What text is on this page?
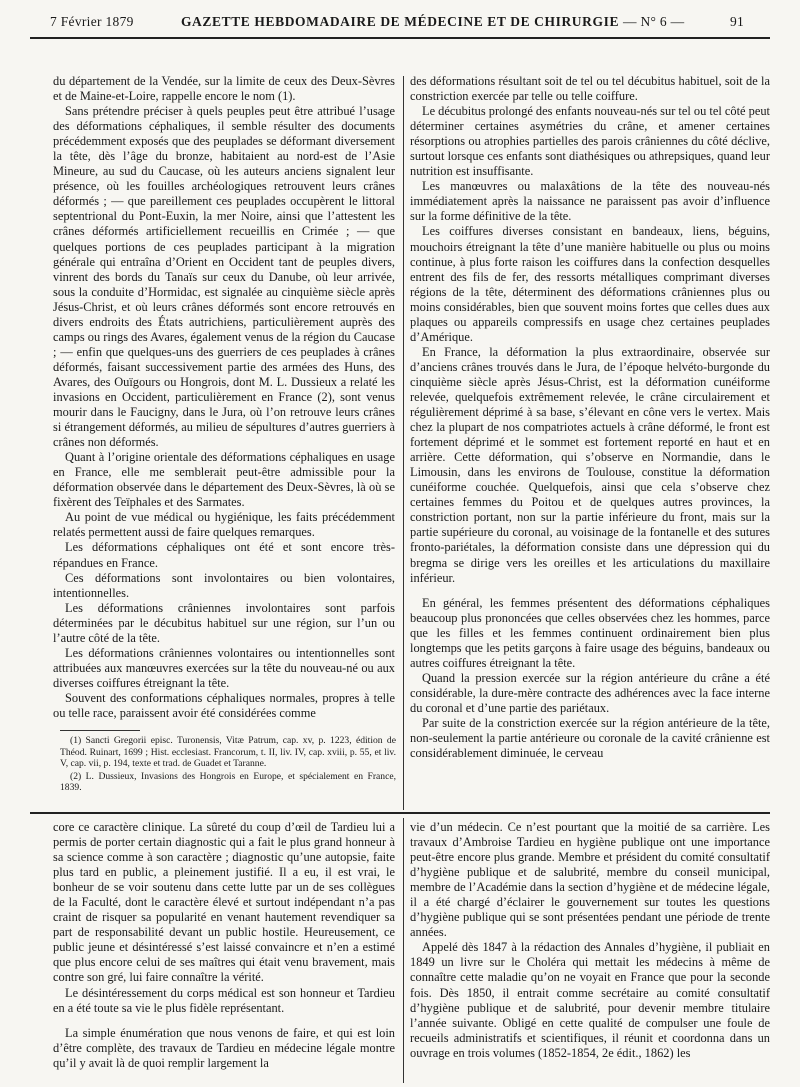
7 Février 1879	GAZETTE HEBDOMADAIRE DE MÉDECINE ET DE CHIRURGIE — N° 6 —	91

du département de la Vendée, sur la limite de ceux des Deux-Sèvres et de Maine-et-Loire, rappelle encore le nom (1).

Sans prétendre préciser à quels peuples peut être attribué l’usage des déformations céphaliques, il semble résulter des documents précédemment exposés que des peuplades se déformant diversement la tête, dès l’âge du bronze, habitaient au nord-est de l’Asie Mineure, au sud du Caucase, où les auteurs anciens signalent leur présence, où les fouilles archéologiques retrouvent leurs crânes déformés ; — que pareillement ces peuplades occupèrent le littoral septentrional du Pont-Euxin, la mer Noire, ainsi que l’attestent les crânes déformés artificiellement recueillis en Crimée ; — que quelques portions de ces peuplades participant à la migration générale qui entraîna d’Orient en Occident tant de peuples divers, vinrent des bords du Tanaïs sur ceux du Danube, où leur arrivée, sous la conduite d’Hormidac, est signalée au cinquième siècle après Jésus-Christ, et où leurs crânes déformés sont encore retrouvés en divers endroits des États autrichiens, particulièrement auprès des camps ou rings des Avares, également venus de la région du Caucase ; — enfin que quelques-uns des guerriers de ces peuplades à crânes déformés, faisant successivement partie des armées des Huns, des Avares, des Ouïgours ou Hongrois, dont M. L. Dussieux a relaté les invasions en Occident, particulièrement en France (2), sont venus mourir dans le Faucigny, dans le Jura, où l’on retrouve leurs crânes si étrangement déformés, au milieu de sépultures d’autres guerriers à crânes non déformés.

Quant à l’origine orientale des déformations céphaliques en usage en France, elle me semblerait peut-être admissible pour la déformation observée dans le département des Deux-Sèvres, là où se fixèrent des Teïphales et des Sarmates.

Au point de vue médical ou hygiénique, les faits précédemment relatés permettent aussi de faire quelques remarques.

Les déformations céphaliques ont été et sont encore très-répandues en France.

Ces déformations sont involontaires ou bien volontaires, intentionnelles.

Les déformations crâniennes involontaires sont parfois déterminées par le décubitus habituel sur une région, sur l’un ou l’autre côté de la tête.

Les déformations crâniennes volontaires ou intentionnelles sont attribuées aux manœuvres exercées sur la tête du nouveau-né ou aux diverses coiffures étreignant la tête.

Souvent des conformations céphaliques normales, propres à telle ou telle race, paraissent avoir été considérées comme

(1) Sancti Gregorii episc. Turonensis, Vitæ Patrum, cap. xv, p. 1223, édition de Théod. Ruinart, 1699 ; Hist. ecclesiast. Francorum, t. II, liv. IV, cap. xviii, p. 55, et liv. V, cap. vii, p. 194, texte et trad. de Guadet et Taranne.

(2) L. Dussieux, Invasions des Hongrois en Europe, et spécialement en France, 1839.

des déformations résultant soit de tel ou tel décubitus habituel, soit de la constriction exercée par telle ou telle coiffure.

Le décubitus prolongé des enfants nouveau-nés sur tel ou tel côté peut déterminer certaines asymétries du crâne, et amener certaines résorptions ou atrophies partielles des parois crâniennes du côté déclive, surtout lorsque ces enfants sont diathésiques ou athrepsiques, quand leur nutrition est insuffisante.

Les manœuvres ou malaxâtions de la tête des nouveau-nés immédiatement après la naissance ne paraissent pas avoir d’influence sur la forme définitive de la tête.

Les coiffures diverses consistant en bandeaux, liens, béguins, mouchoirs étreignant la tête d’une manière habituelle ou plus ou moins continue, à plus forte raison les coiffures dans la confection desquelles entrent des fils de fer, des ressorts métalliques comprimant diverses régions de la tête, déterminent des déformations crâniennes plus ou moins considérables, bien que souvent moins fortes que celles dues aux plaques ou appareils compressifs en usage chez certaines peuplades d’Amérique.

En France, la déformation la plus extraordinaire, observée sur d’anciens crânes trouvés dans le Jura, de l’époque helvéto-burgonde du cinquième siècle après Jésus-Christ, est la déformation cunéiforme relevée, quelquefois extrêmement relevée, le crâne circulairement et régulièrement déprimé à sa base, s’élevant en cône vers le vertex. Mais chez la plupart de nos compatriotes actuels à crâne déformé, le front est fortement déprimé et le sommet est fortement reporté en haut et en arrière. Cette déformation, qui s’observe en Normandie, dans le Limousin, dans les environs de Toulouse, constitue la déformation cunéiforme couchée. Quelquefois, ainsi que cela s’observe chez certaines femmes du Poitou et de quelques autres provinces, la constriction portant, non sur la partie inférieure du front, mais sur la partie supérieure du coronal, au voisinage de la fontanelle et des sutures fronto-pariétales, la déformation consiste dans une dépression qui du bregma se dirige vers les oreilles et les articulations du maxillaire inférieur.

En général, les femmes présentent des déformations céphaliques beaucoup plus prononcées que celles observées chez les hommes, parce que les filles et les femmes continuent ordinairement bien plus longtemps que les petits garçons à faire usage des béguins, bandeaux ou autres coiffures étreignant la tête.

Quand la pression exercée sur la région antérieure du crâne a été considérable, la dure-mère contracte des adhérences avec la face interne du coronal et d’une partie des pariétaux.

Par suite de la constriction exercée sur la région antérieure de la tête, non-seulement la partie antérieure ou coronale de la cavité crânienne est considérablement diminuée, le cerveau

core ce caractère clinique. La sûreté du coup d’œil de Tardieu lui a permis de porter certain diagnostic qui a fait le plus grand honneur à sa science comme à son caractère ; diagnostic qu’une autopsie, faite plus tard en public, a pleinement justifié. Il a eu, il est vrai, le bonheur de se voir soutenu dans cette lutte par un de ses collègues de la Faculté, dont le caractère élevé et surtout indépendant n’a pas craint de risquer sa popularité en venant hautement revendiquer sa part de responsabilité devant un public hostile. Heureusement, ce public jeune et désintéressé s’est laissé convaincre et n’en a estimé que plus encore celui de ses maîtres qui était venu bravement, mais contre son gré, lui faire connaître la vérité.

Le désintéressement du corps médical est son honneur et Tardieu en a été toute sa vie le plus fidèle représentant.

La simple énumération que nous venons de faire, et qui est loin d’être complète, des travaux de Tardieu en médecine légale montre qu’il y avait là de quoi remplir largement la

vie d’un médecin. Ce n’est pourtant que la moitié de sa carrière. Les travaux d’Ambroise Tardieu en hygiène publique ont une importance peut-être encore plus grande. Membre et président du comité consultatif d’hygiène publique et de salubrité, membre du conseil municipal, membre de l’Académie dans la section d’hygiène et de médecine légale, il a été chargé d’éclairer le gouvernement sur toutes les questions d’hygiène publique qui se sont présentées pendant une période de trente années.

Appelé dès 1847 à la rédaction des Annales d’hygiène, il publiait en 1849 un livre sur le Choléra qui mettait les médecins à même de connaître cette maladie qu’on ne voyait en France que pour la seconde fois. Dès 1850, il entrait comme secrétaire au comité consultatif d’hygiène publique et de salubrité, pour devenir membre titulaire l’année suivante. Obligé en cette qualité de compulser une foule de recueils administratifs et scientifiques, il réunit et coordonna dans un ouvrage en trois volumes (1852-1854, 2e édit., 1862) les
